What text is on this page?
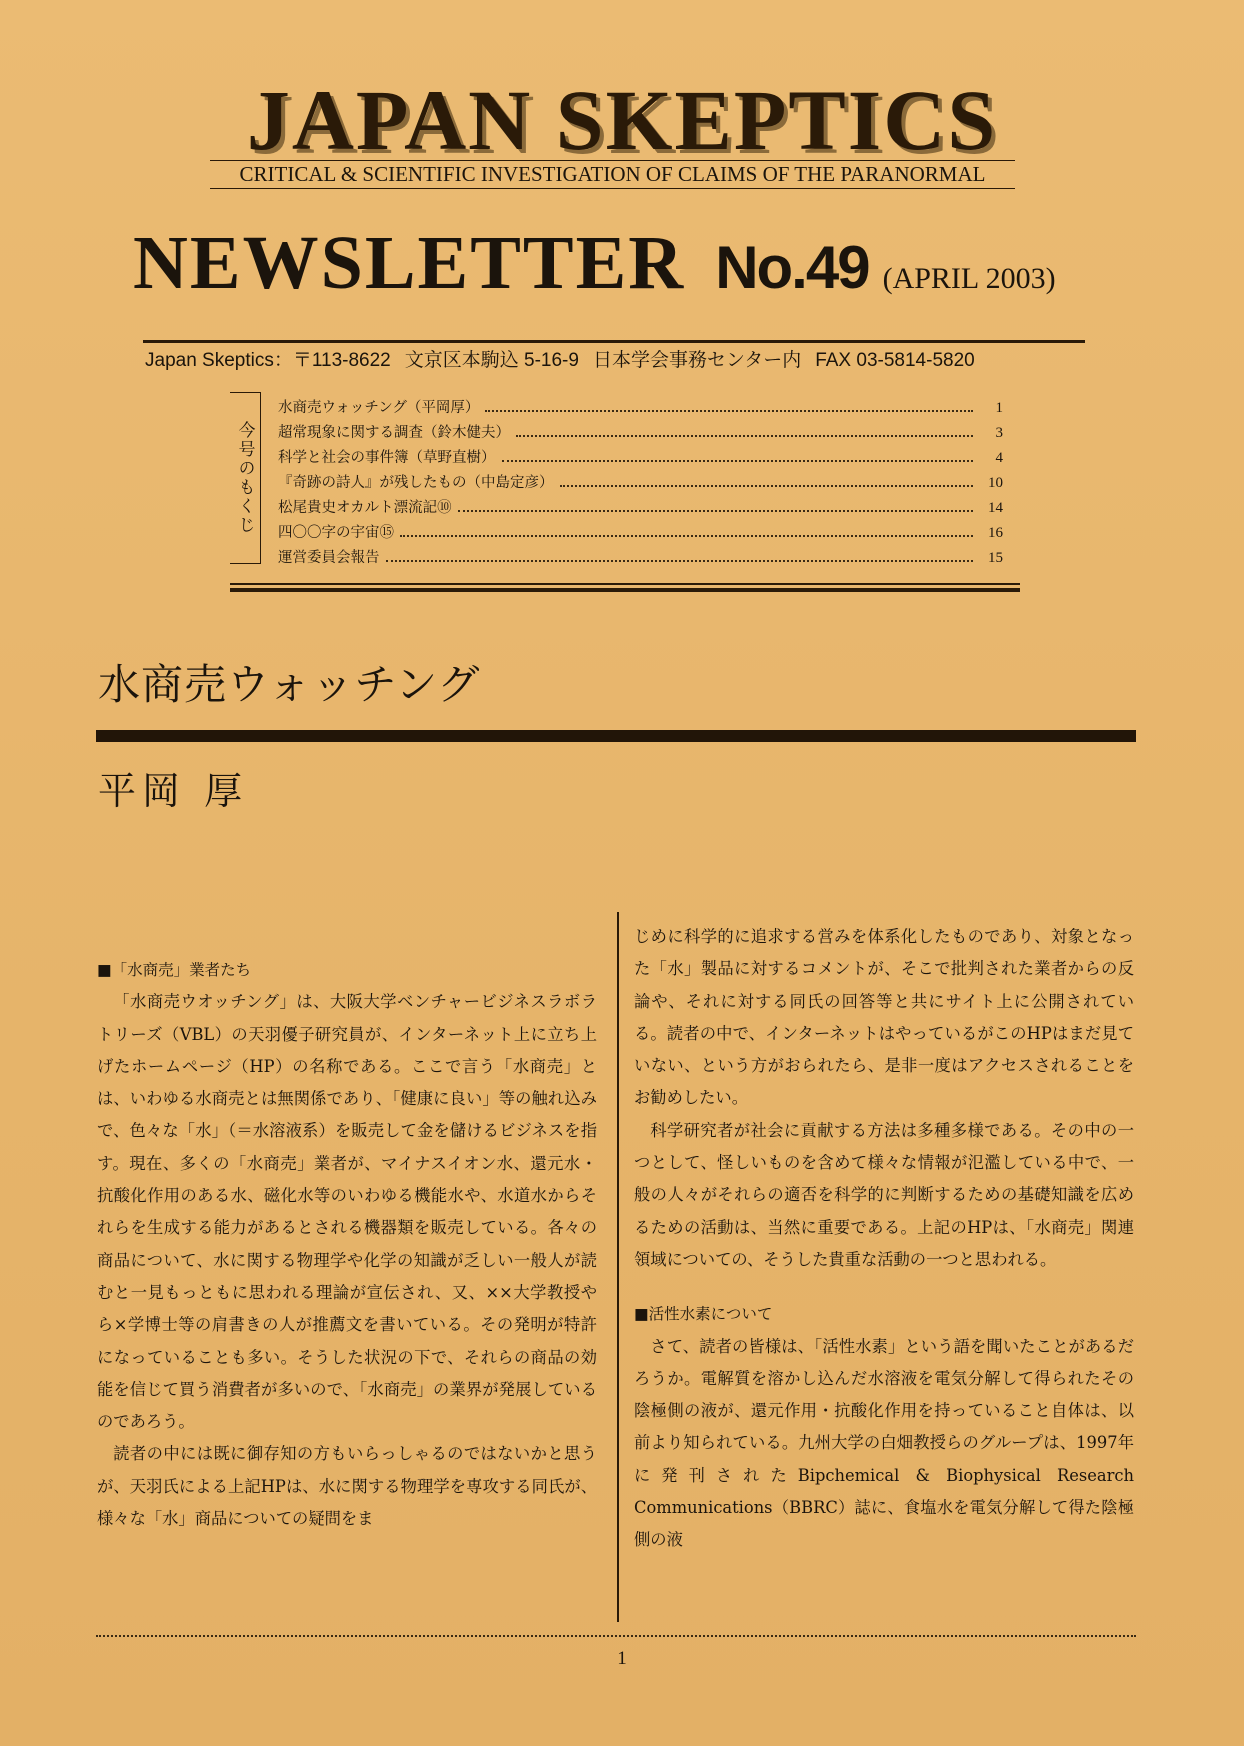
JAPAN SKEPTICS
CRITICAL & SCIENTIFIC INVESTIGATION OF CLAIMS OF THE PARANORMAL
NEWSLETTER No.49 (APRIL 2003)
Japan Skeptics：〒113-8622 文京区本駒込 5-16-9 日本学会事務センター内 FAX 03-5814-5820
今号のもくじ
水商売ウォッチング（平岡厚）	1
超常現象に関する調査（鈴木健夫）	3
科学と社会の事件簿（草野直樹）	4
『奇跡の詩人』が残したもの（中島定彦）	10
松尾貴史オカルト漂流記⑩	14
四〇〇字の宇宙⑮	16
運営委員会報告	15
水商売ウォッチング
平岡 厚
■「水商売」業者たち

「水商売ウオッチング」は、大阪大学ベンチャービジネスラボラトリーズ（VBL）の天羽優子研究員が、インターネット上に立ち上げたホームページ（HP）の名称である。ここで言う「水商売」とは、いわゆる水商売とは無関係であり、「健康に良い」等の触れ込みで、色々な「水」（＝水溶液系）を販売して金を儲けるビジネスを指す。現在、多くの「水商売」業者が、マイナスイオン水、還元水・抗酸化作用のある水、磁化水等のいわゆる機能水や、水道水からそれらを生成する能力があるとされる機器類を販売している。各々の商品について、水に関する物理学や化学の知識が乏しい一般人が読むと一見もっともに思われる理論が宣伝され、又、××大学教授やら×学博士等の肩書きの人が推薦文を書いている。その発明が特許になっていることも多い。そうした状況の下で、それらの商品の効能を信じて買う消費者が多いので、「水商売」の業界が発展しているのであろう。

読者の中には既に御存知の方もいらっしゃるのではないかと思うが、天羽氏による上記HPは、水に関する物理学を専攻する同氏が、様々な「水」商品についての疑問をま

じめに科学的に追求する営みを体系化したものであり、対象となった「水」製品に対するコメントが、そこで批判された業者からの反論や、それに対する同氏の回答等と共にサイト上に公開されている。読者の中で、インターネットはやっているがこのHPはまだ見ていない、という方がおられたら、是非一度はアクセスされることをお勧めしたい。

科学研究者が社会に貢献する方法は多種多様である。その中の一つとして、怪しいものを含めて様々な情報が氾濫している中で、一般の人々がそれらの適否を科学的に判断するための基礎知識を広めるための活動は、当然に重要である。上記のHPは、「水商売」関連領域についての、そうした貴重な活動の一つと思われる。

■活性水素について

さて、読者の皆様は、「活性水素」という語を聞いたことがあるだろうか。電解質を溶かし込んだ水溶液を電気分解して得られたその陰極側の液が、還元作用・抗酸化作用を持っていること自体は、以前より知られている。九州大学の白畑教授らのグループは、1997年に発刊されたBipchemical & Biophysical Research Communications（BBRC）誌に、食塩水を電気分解して得た陰極側の液

1
